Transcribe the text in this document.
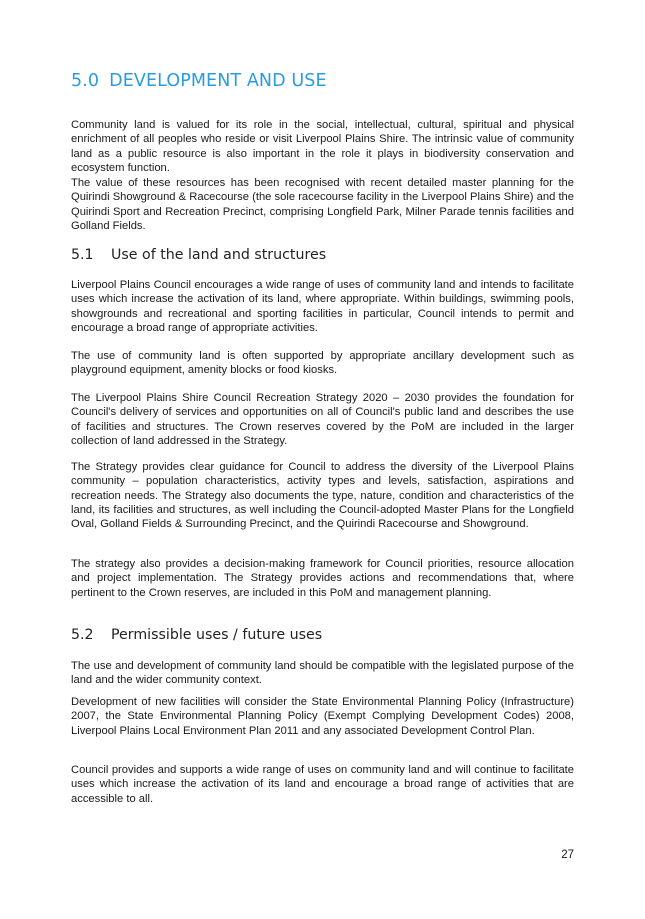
5.0 DEVELOPMENT AND USE

Community land is valued for its role in the social, intellectual, cultural, spiritual and physical enrichment of all peoples who reside or visit Liverpool Plains Shire. The intrinsic value of community land as a public resource is also important in the role it plays in biodiversity conservation and ecosystem function.

The value of these resources has been recognised with recent detailed master planning for the Quirindi Showground & Racecourse (the sole racecourse facility in the Liverpool Plains Shire) and the Quirindi Sport and Recreation Precinct, comprising Longfield Park, Milner Parade tennis facilities and Golland Fields.

5.1 Use of the land and structures

Liverpool Plains Council encourages a wide range of uses of community land and intends to facilitate uses which increase the activation of its land, where appropriate. Within buildings, swimming pools, showgrounds and recreational and sporting facilities in particular, Council intends to permit and encourage a broad range of appropriate activities.

The use of community land is often supported by appropriate ancillary development such as playground equipment, amenity blocks or food kiosks.

The Liverpool Plains Shire Council Recreation Strategy 2020 – 2030 provides the foundation for Council's delivery of services and opportunities on all of Council's public land and describes the use of facilities and structures. The Crown reserves covered by the PoM are included in the larger collection of land addressed in the Strategy.

The Strategy provides clear guidance for Council to address the diversity of the Liverpool Plains community – population characteristics, activity types and levels, satisfaction, aspirations and recreation needs. The Strategy also documents the type, nature, condition and characteristics of the land, its facilities and structures, as well including the Council-adopted Master Plans for the Longfield Oval, Golland Fields & Surrounding Precinct, and the Quirindi Racecourse and Showground.

The strategy also provides a decision-making framework for Council priorities, resource allocation and project implementation. The Strategy provides actions and recommendations that, where pertinent to the Crown reserves, are included in this PoM and management planning.

5.2 Permissible uses / future uses

The use and development of community land should be compatible with the legislated purpose of the land and the wider community context.

Development of new facilities will consider the State Environmental Planning Policy (Infrastructure) 2007, the State Environmental Planning Policy (Exempt Complying Development Codes) 2008, Liverpool Plains Local Environment Plan 2011 and any associated Development Control Plan.

Council provides and supports a wide range of uses on community land and will continue to facilitate uses which increase the activation of its land and encourage a broad range of activities that are accessible to all.

27
